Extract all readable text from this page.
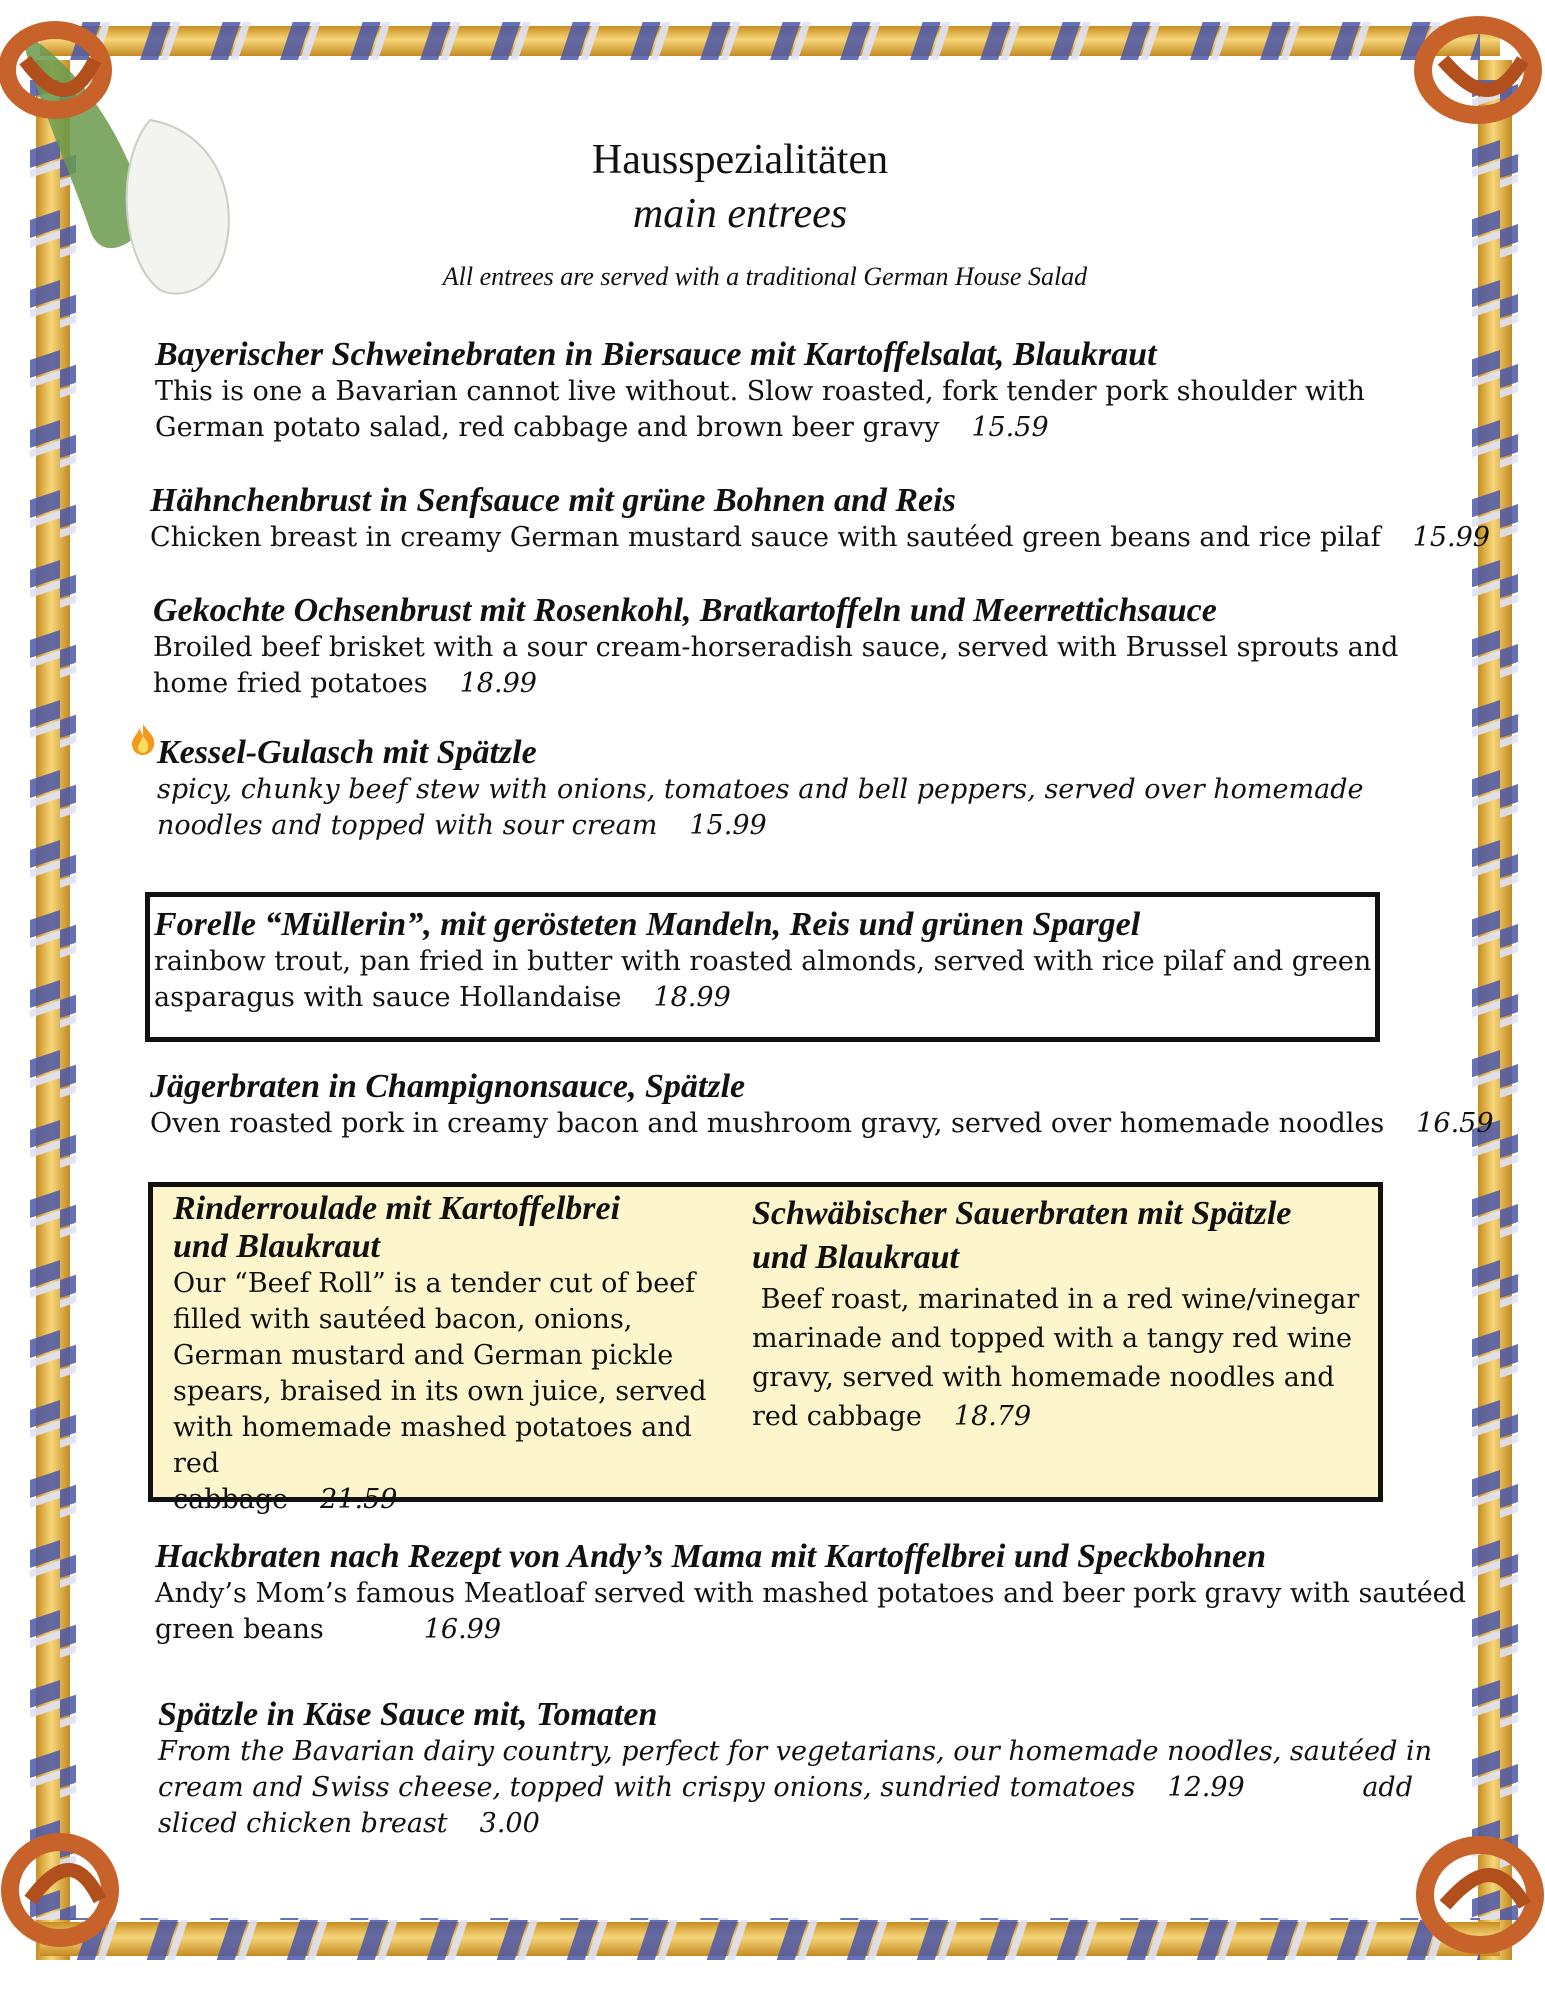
Hausspezialitäten
main entrees
All entrees are served with a traditional German House Salad
Bayerischer Schweinebraten in Biersauce mit Kartoffelsalat, Blaukraut

This is one a Bavarian cannot live without. Slow roasted, fork tender pork shoulder with

German potato salad, red cabbage and brown beer gravy 15.59

Hähnchenbrust in Senfsauce mit grüne Bohnen and Reis

Chicken breast in creamy German mustard sauce with sautéed green beans and rice pilaf 15.99

Gekochte Ochsenbrust mit Rosenkohl, Bratkartoffeln und Meerrettichsauce

Broiled beef brisket with a sour cream-horseradish sauce, served with Brussel sprouts and

home fried potatoes 18.99

Kessel-Gulasch mit Spätzle

spicy, chunky beef stew with onions, tomatoes and bell peppers, served over homemade

noodles and topped with sour cream 15.99

Forelle “Müllerin”, mit gerösteten Mandeln, Reis und grünen Spargel

rainbow trout, pan fried in butter with roasted almonds, served with rice pilaf and green

asparagus with sauce Hollandaise 18.99

Jägerbraten in Champignonsauce, Spätzle

Oven roasted pork in creamy bacon and mushroom gravy, served over homemade noodles 16.59

Rinderroulade mit Kartoffelbrei
und Blaukraut

Our “Beef Roll” is a tender cut of beef

filled with sautéed bacon, onions,

German mustard and German pickle

spears, braised in its own juice, served

with homemade mashed potatoes and red

cabbage 21.59

Schwäbischer Sauerbraten mit Spätzle
und Blaukraut

Beef roast, marinated in a red wine/vinegar

marinade and topped with a tangy red wine

gravy, served with homemade noodles and

red cabbage 18.79

Hackbraten nach Rezept von Andy’s Mama mit Kartoffelbrei und Speckbohnen

Andy’s Mom’s famous Meatloaf served with mashed potatoes and beer pork gravy with sautéed

green beans	16.99

Spätzle in Käse Sauce mit, Tomaten

From the Bavarian dairy country, perfect for vegetarians, our homemade noodles, sautéed in

cream and Swiss cheese, topped with crispy onions, sundried tomatoes 12.99	add

sliced chicken breast 3.00
